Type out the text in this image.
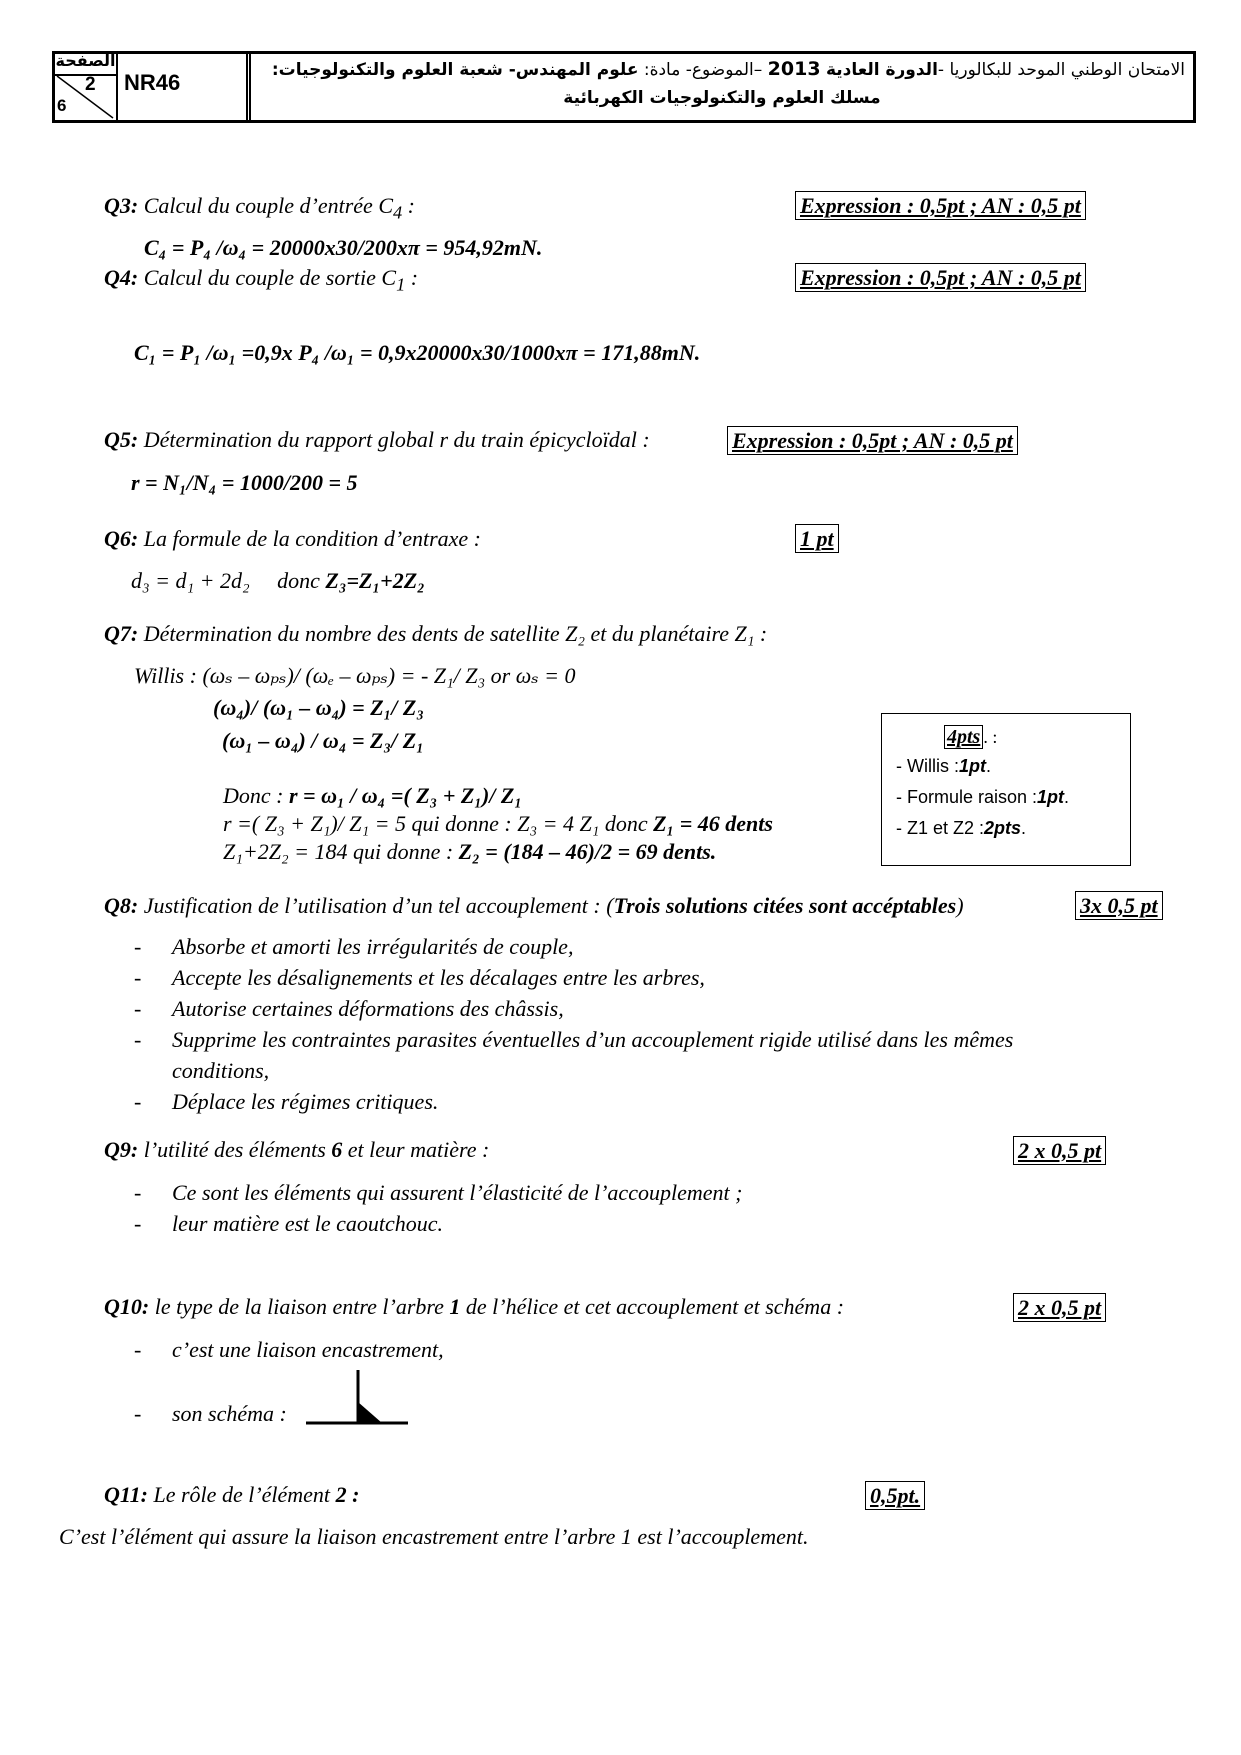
الصفحة
2
6
NR46	الامتحان الوطني الموحد للبكالوريا -الدورة العادية 2013 –الموضوع- مادة: علوم المهندس- شعبة العلوم والتكنولوجيات:
مسلك العلوم والتكنولوجيات الكهربائية
Q3: Calcul du couple d’entrée $C_4$ :	Expression : 0,5pt ; AN : 0,5 pt
C₄ = P₄ /ω₄ = 20000x30/200xπ = 954,92mN.
Q4: Calcul du couple de sortie $C_1$ :	Expression : 0,5pt ; AN : 0,5 pt
C₁ = P₁ /ω₁ =0,9x P₄ /ω₁ = 0,9x20000x30/1000xπ = 171,88mN.
Q5: Détermination du rapport global r du train épicycloïdal :	Expression : 0,5pt ; AN : 0,5 pt
r = N₁/N₄ = 1000/200 = 5
Q6: La formule de la condition d’entraxe :	1 pt
d₃ = d₁ + 2d₂ donc Z₃=Z₁+2Z₂
Q7: Détermination du nombre des dents de satellite Z₂ et du planétaire Z₁ :
Willis : (ωₛ – ωₚₛ)/ (ωₑ – ωₚₛ) = - Z₁/ Z₃ or ωₛ = 0
(ω₄)/ (ω₁ – ω₄) = Z₁/ Z₃
(ω₁ – ω₄) / ω₄ = Z₃/ Z₁
Donc : r = ω₁ / ω₄ =( Z₃ + Z₁)/ Z₁
r =( Z₃ + Z₁)/ Z₁ = 5 qui donne : Z₃ = 4 Z₁ donc Z₁ = 46 dents
Z₁+2Z₂ = 184 qui donne : Z₂ = (184 – 46)/2 = 69 dents.
4pts . :
- Willis :1pt.
- Formule raison :1pt.
- Z1 et Z2 :2pts.
Q8: Justification de l’utilisation d’un tel accouplement : (Trois solutions citées sont accéptables)	3x 0,5 pt
- Absorbe et amorti les irrégularités de couple,
- Accepte les désalignements et les décalages entre les arbres,
- Autorise certaines déformations des châssis,
- Supprime les contraintes parasites éventuelles d’un accouplement rigide utilisé dans les mêmes
conditions,
- Déplace les régimes critiques.
Q9: l’utilité des éléments 6 et leur matière :	2 x 0,5 pt
- Ce sont les éléments qui assurent l’élasticité de l’accouplement ;
- leur matière est le caoutchouc.
Q10: le type de la liaison entre l’arbre 1 de l’hélice et cet accouplement et schéma :	2 x 0,5 pt
- c’est une liaison encastrement,
- son schéma :
Q11: Le rôle de l’élément 2 :	0,5pt.
C’est l’élément qui assure la liaison encastrement entre l’arbre 1 est l’accouplement.
